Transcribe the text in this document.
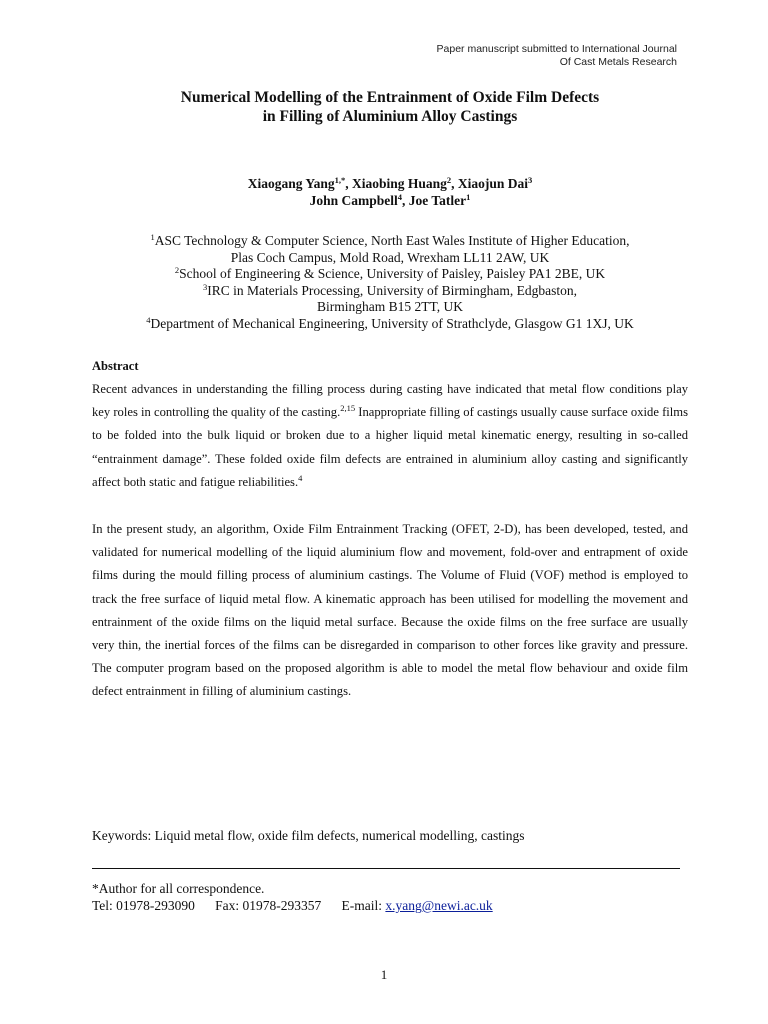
Paper manuscript submitted to International Journal
Of Cast Metals Research
Numerical Modelling of the Entrainment of Oxide Film Defects
in Filling of Aluminium Alloy Castings
Xiaogang Yang$^{1,*}$, Xiaobing Huang$^2$, Xiaojun Dai$^3$
John Campbell$^4$, Joe Tatler$^1$
$^1$ASC Technology & Computer Science, North East Wales Institute of Higher Education,
Plas Coch Campus, Mold Road, Wrexham LL11 2AW, UK
$^2$School of Engineering & Science, University of Paisley, Paisley PA1 2BE, UK
$^3$IRC in Materials Processing, University of Birmingham, Edgbaston,
Birmingham B15 2TT, UK
$^4$Department of Mechanical Engineering, University of Strathclyde, Glasgow G1 1XJ, UK
Abstract
Recent advances in understanding the filling process during casting have indicated that metal flow conditions play key roles in controlling the quality of the casting.$^{2,15}$ Inappropriate filling of castings usually cause surface oxide films to be folded into the bulk liquid or broken due to a higher liquid metal kinematic energy, resulting in so-called “entrainment damage”. These folded oxide film defects are entrained in aluminium alloy casting and significantly affect both static and fatigue reliabilities.$^4$
In the present study, an algorithm, Oxide Film Entrainment Tracking (OFET, 2-D), has been developed, tested, and validated for numerical modelling of the liquid aluminium flow and movement, fold-over and entrapment of oxide films during the mould filling process of aluminium castings. The Volume of Fluid (VOF) method is employed to track the free surface of liquid metal flow. A kinematic approach has been utilised for modelling the movement and entrainment of the oxide films on the liquid metal surface. Because the oxide films on the free surface are usually very thin, the inertial forces of the films can be disregarded in comparison to other forces like gravity and pressure. The computer program based on the proposed algorithm is able to model the metal flow behaviour and oxide film defect entrainment in filling of aluminium castings.
Keywords: Liquid metal flow, oxide film defects, numerical modelling, castings
*Author for all correspondence.
Tel: 01978-293090      Fax: 01978-293357      E-mail: x.yang@newi.ac.uk
1
